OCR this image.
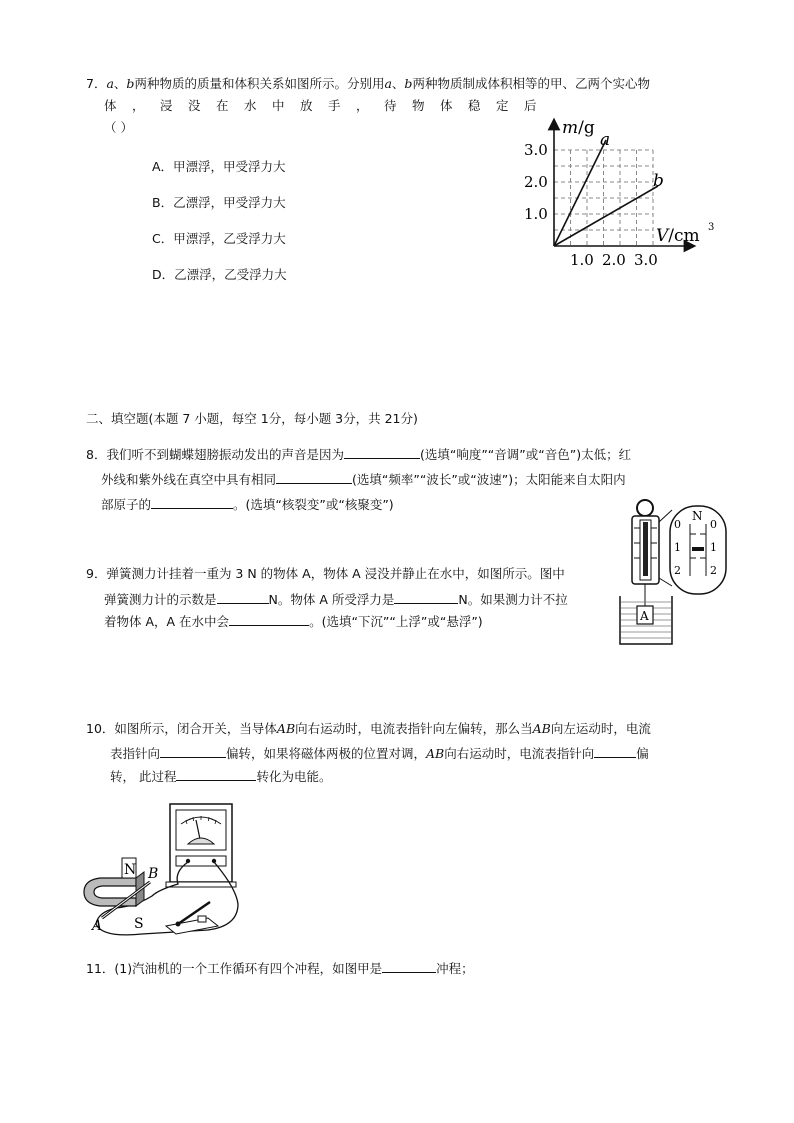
7．a、b两种物质的质量和体积关系如图所示。分别用a、b两种物质制成体积相等的甲、乙两个实心物
体，浸没在水中放手，待物体稳定后
（ ）
A．甲漂浮，甲受浮力大
B．乙漂浮，甲受浮力大
C．甲漂浮，乙受浮力大
D．乙漂浮，乙受浮力大
m/g
a
b
V/cm 3
3.0
2.0
1.0
1.0 2.0 3.0
二、填空题(本题 7 小题，每空 1分，每小题 3分，共 21分)
8．我们听不到蝴蝶翅膀振动发出的声音是因为	(选填“响度”“音调”或“音色”)太低；红
外线和紫外线在真空中具有相同	(选填“频率”“波长”或“波速”)；太阳能来自太阳内
部原子的	。(选填“核裂变”或“核聚变”)
9．弹簧测力计挂着一重为 3 N 的物体 A，物体 A 浸没并静止在水中，如图所示。图中
弹簧测力计的示数是	N。物体 A 所受浮力是	N。如果测力计不拉
着物体 A，A 在水中会	。(选填“下沉”“上浮”或“悬浮”)
N
0
1
2
0
1
2
A
10．如图所示，闭合开关，当导体AB向右运动时，电流表指针向左偏转，那么当AB向左运动时，电流
表指针向	偏转，如果将磁体两极的位置对调，AB向右运动时，电流表指针向	偏
转， 此过程	转化为电能。
N
S
A
B
11．(1)汽油机的一个工作循环有四个冲程，如图甲是	冲程；
